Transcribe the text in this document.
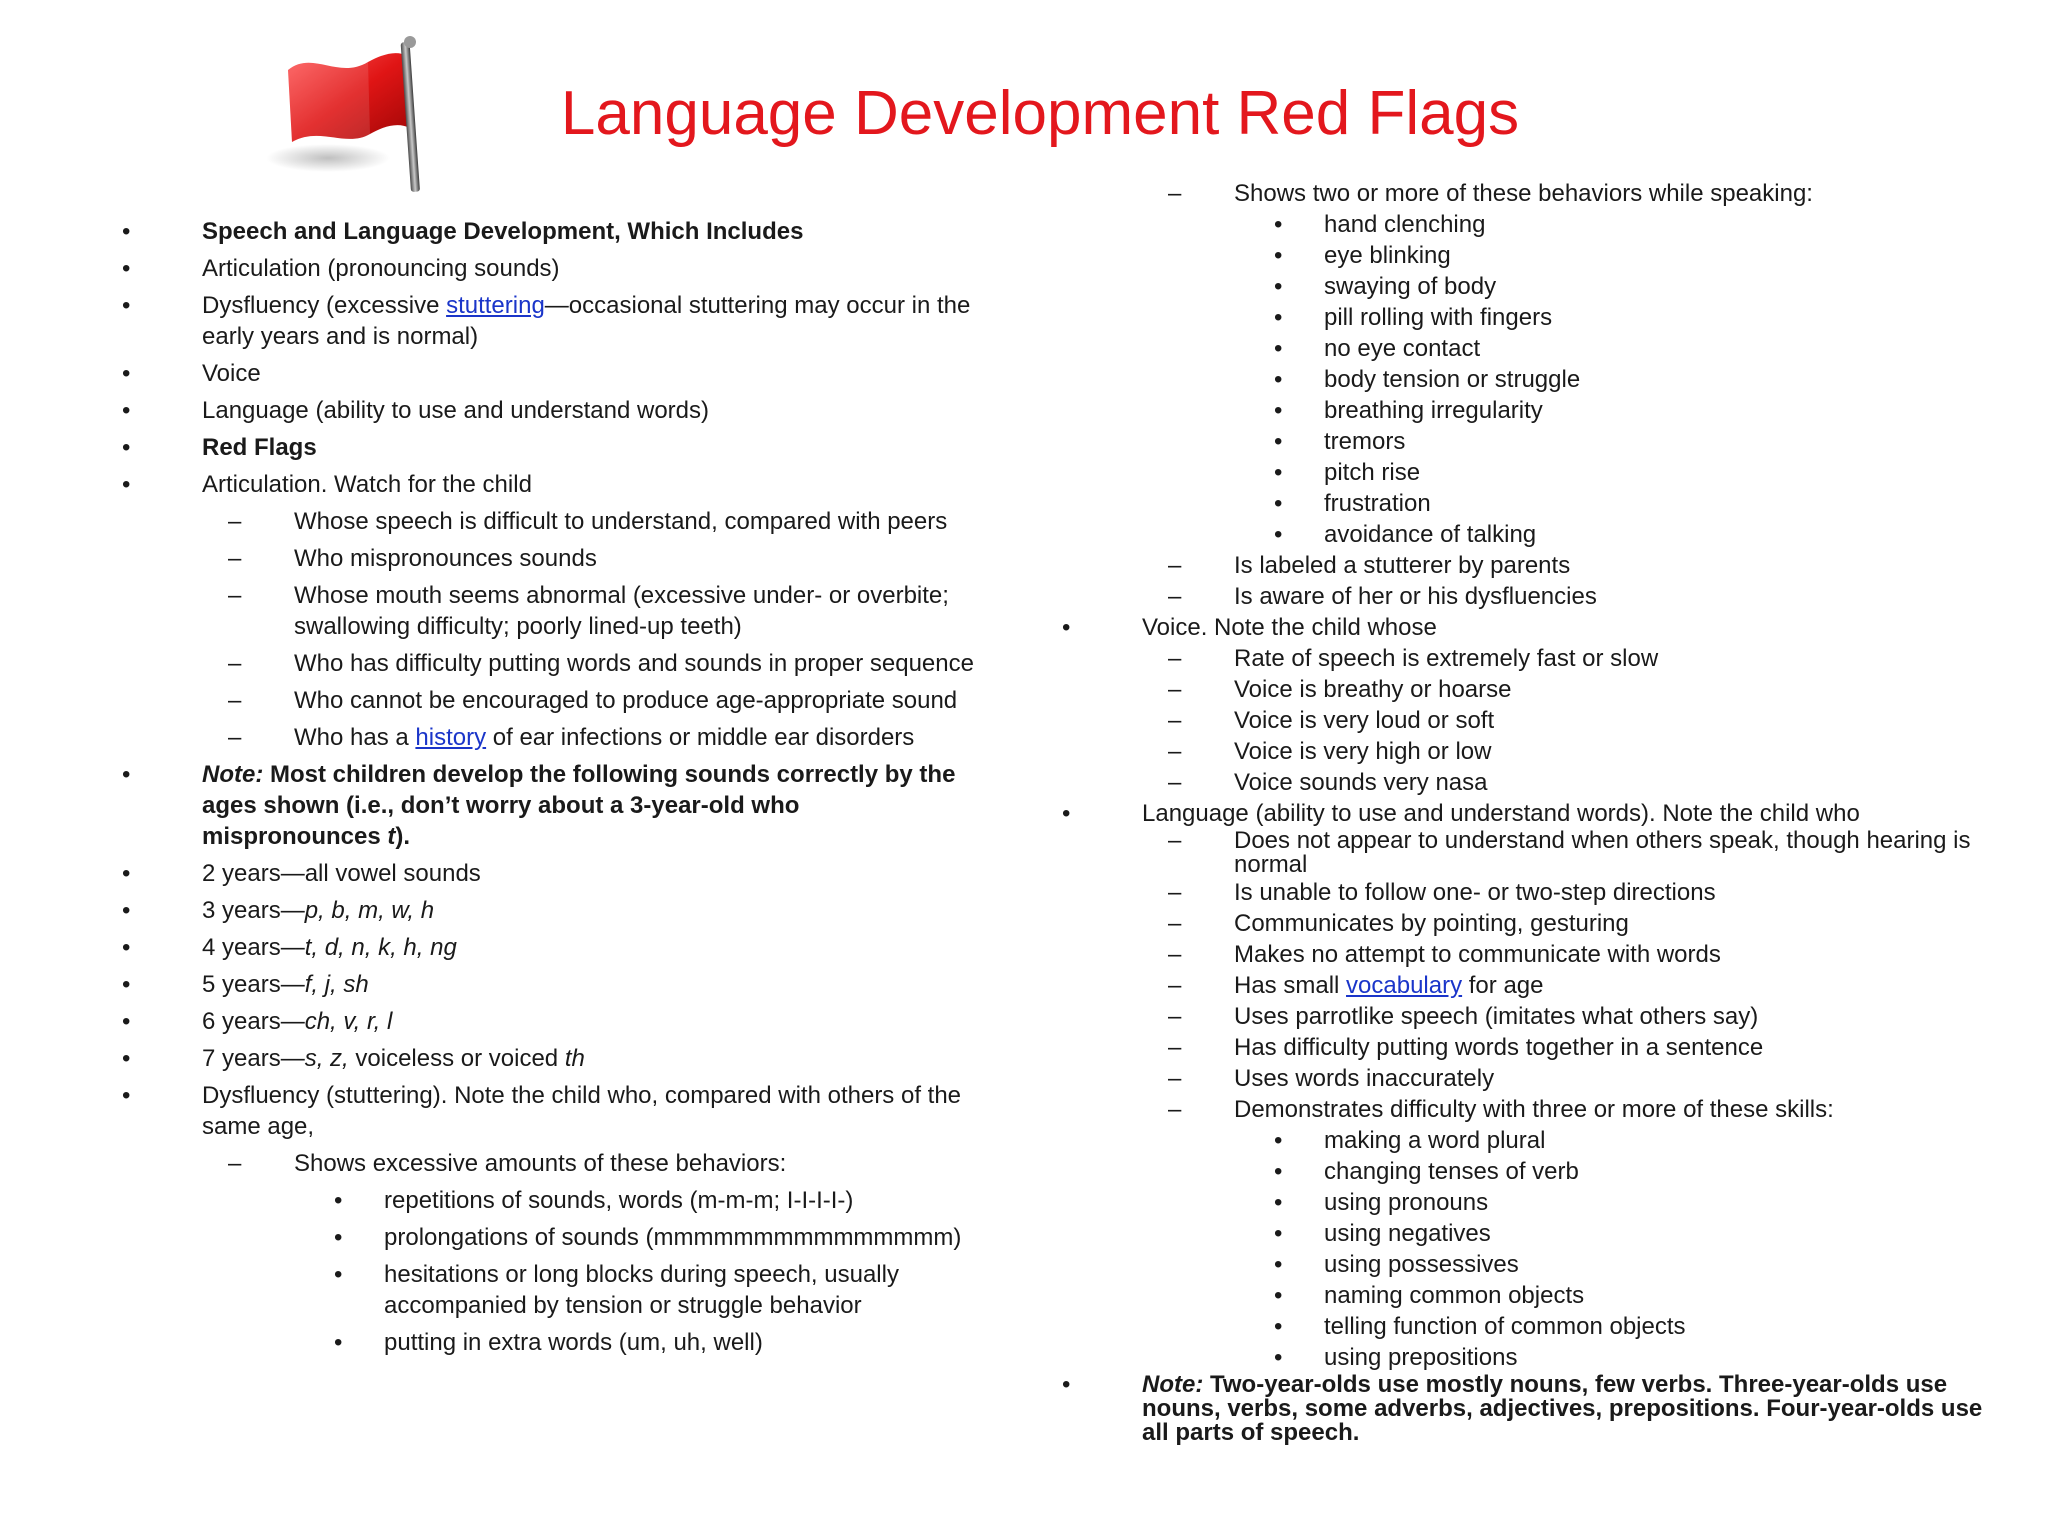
Language Development Red Flags
•	Speech and Language Development, Which Includes
•	Articulation (pronouncing sounds)
•	Dysfluency (excessive stuttering—occasional stuttering may occur in the early years and is normal)
•	Voice
•	Language (ability to use and understand words)
•	Red Flags
•	Articulation. Watch for the child
– Whose speech is difficult to understand, compared with peers
– Who mispronounces sounds
– Whose mouth seems abnormal (excessive under- or overbite; swallowing difficulty; poorly lined-up teeth)
– Who has difficulty putting words and sounds in proper sequence
– Who cannot be encouraged to produce age-appropriate sound
– Who has a history of ear infections or middle ear disorders
•	Note: Most children develop the following sounds correctly by the ages shown (i.e., don’t worry about a 3-year-old who mispronounces t).
•	2 years—all vowel sounds
•	3 years—p, b, m, w, h
•	4 years—t, d, n, k, h, ng
•	5 years—f, j, sh
•	6 years—ch, v, r, l
•	7 years—s, z, voiceless or voiced th
•	Dysfluency (stuttering). Note the child who, compared with others of the same age,
– Shows excessive amounts of these behaviors:
• repetitions of sounds, words (m-m-m; I-I-I-I-)
• prolongations of sounds (mmmmmmmmmmmmmmm)
• hesitations or long blocks during speech, usually accompanied by tension or struggle behavior
• putting in extra words (um, uh, well)
– Shows two or more of these behaviors while speaking:
• hand clenching
• eye blinking
• swaying of body
• pill rolling with fingers
• no eye contact
• body tension or struggle
• breathing irregularity
• tremors
• pitch rise
• frustration
• avoidance of talking
– Is labeled a stutterer by parents
– Is aware of her or his dysfluencies
•	Voice. Note the child whose
– Rate of speech is extremely fast or slow
– Voice is breathy or hoarse
– Voice is very loud or soft
– Voice is very high or low
– Voice sounds very nasa
•	Language (ability to use and understand words). Note the child who
– Does not appear to understand when others speak, though hearing is normal
– Is unable to follow one- or two-step directions
– Communicates by pointing, gesturing
– Makes no attempt to communicate with words
– Has small vocabulary for age
– Uses parrotlike speech (imitates what others say)
– Has difficulty putting words together in a sentence
– Uses words inaccurately
– Demonstrates difficulty with three or more of these skills:
• making a word plural
• changing tenses of verb
• using pronouns
• using negatives
• using possessives
• naming common objects
• telling function of common objects
• using prepositions
•	Note: Two-year-olds use mostly nouns, few verbs. Three-year-olds use nouns, verbs, some adverbs, adjectives, prepositions. Four-year-olds use all parts of speech.
